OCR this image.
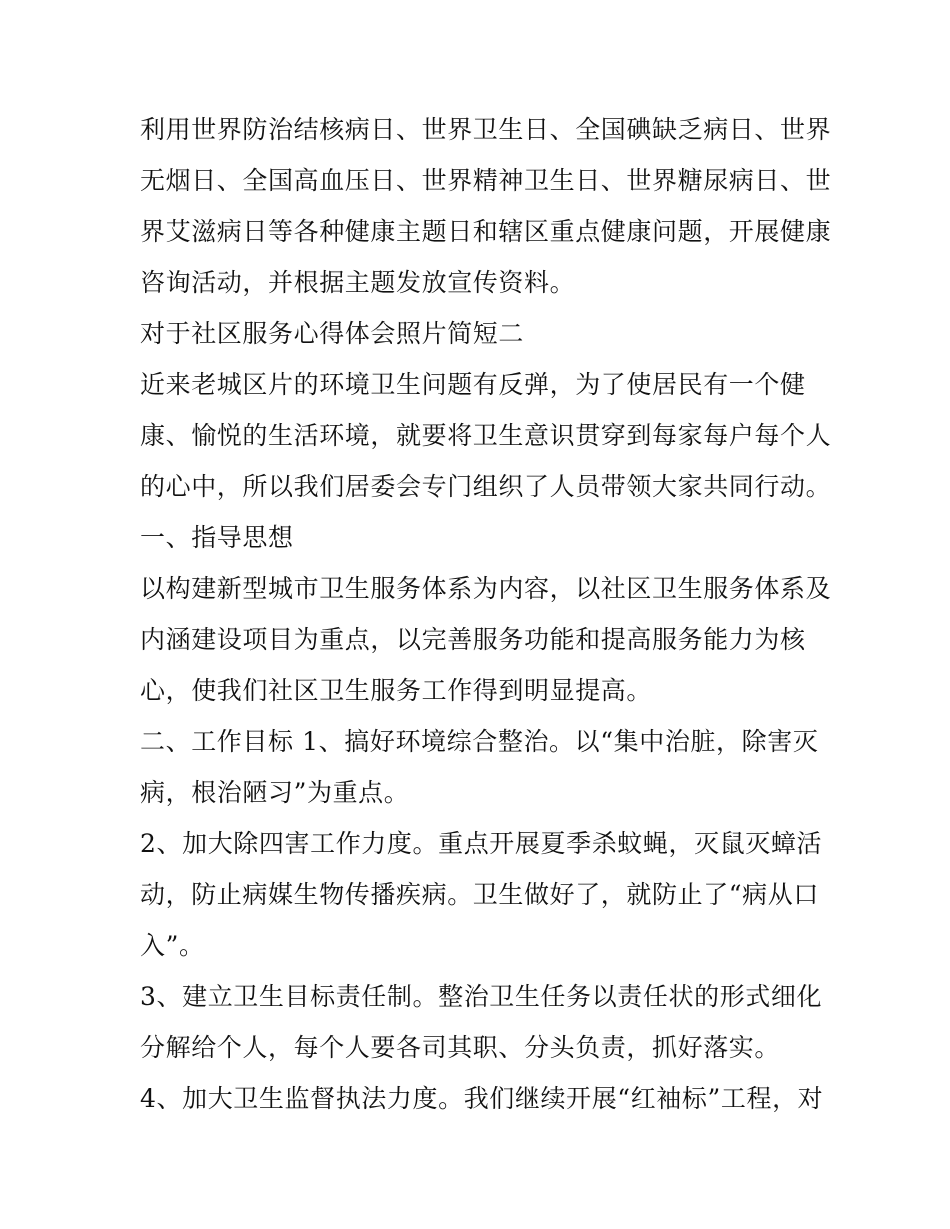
利用世界防治结核病日、世界卫生日、全国碘缺乏病日、世界
无烟日、全国高血压日、世界精神卫生日、世界糖尿病日、世
界艾滋病日等各种健康主题日和辖区重点健康问题，开展健康
咨询活动，并根据主题发放宣传资料。
对于社区服务心得体会照片简短二
近来老城区片的环境卫生问题有反弹，为了使居民有一个健
康、愉悦的生活环境，就要将卫生意识贯穿到每家每户每个人
的心中，所以我们居委会专门组织了人员带领大家共同行动。
一、指导思想
以构建新型城市卫生服务体系为内容，以社区卫生服务体系及
内涵建设项目为重点，以完善服务功能和提高服务能力为核
心，使我们社区卫生服务工作得到明显提高。
二、工作目标 1、搞好环境综合整治。以“集中治脏，除害灭
病，根治陋习”为重点。
2、加大除四害工作力度。重点开展夏季杀蚊蝇，灭鼠灭蟑活
动，防止病媒生物传播疾病。卫生做好了，就防止了“病从口
入”。
3、建立卫生目标责任制。整治卫生任务以责任状的形式细化
分解给个人，每个人要各司其职、分头负责，抓好落实。
4、加大卫生监督执法力度。我们继续开展“红袖标”工程，对
